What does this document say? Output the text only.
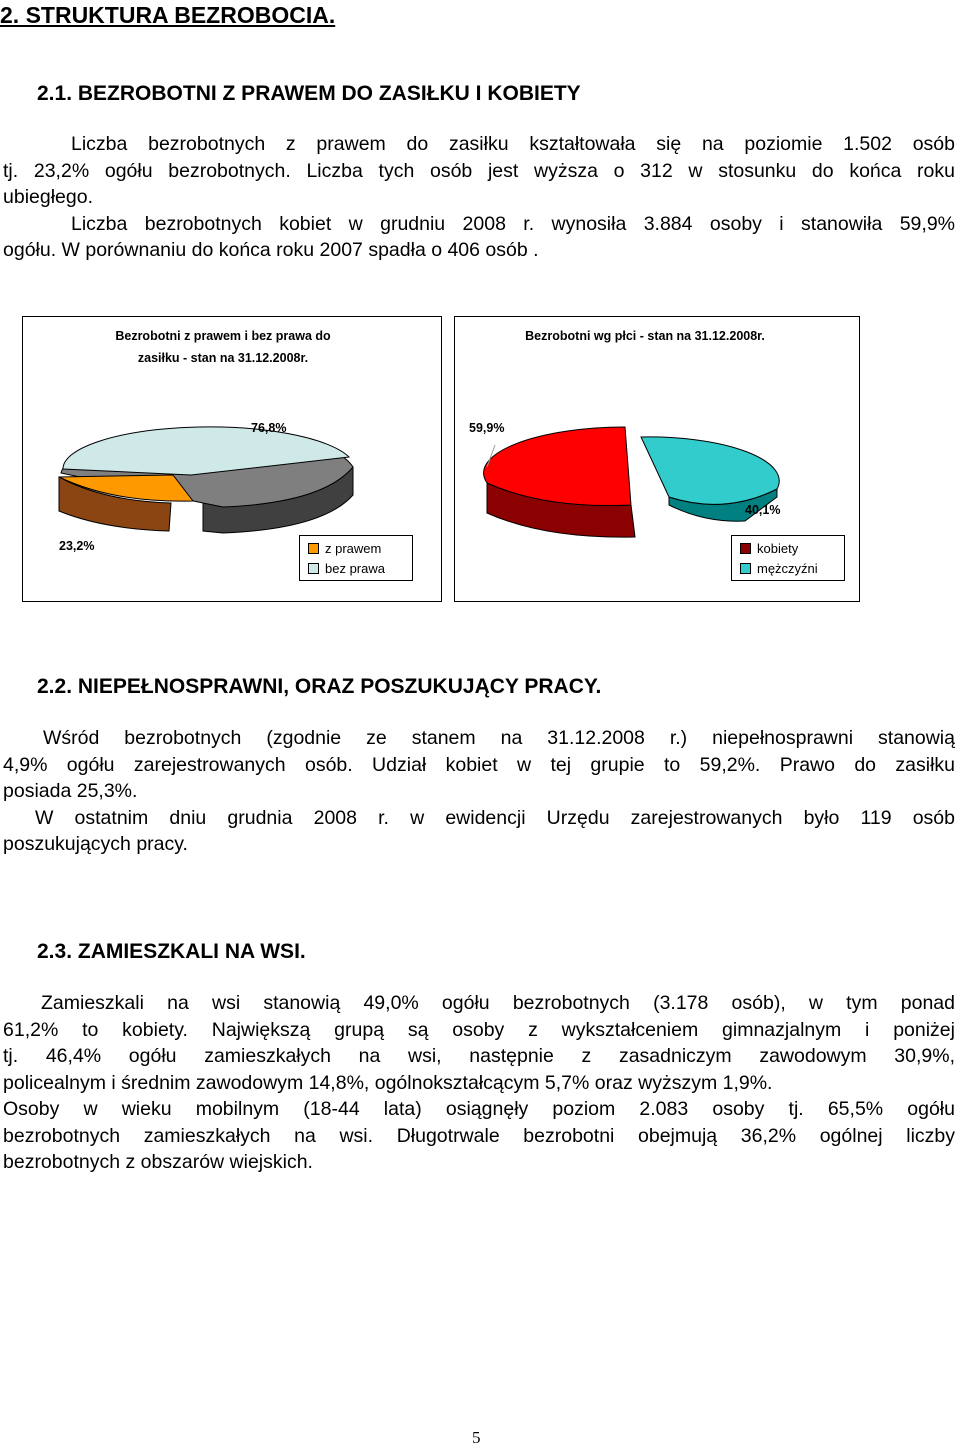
2. STRUKTURA BEZROBOCIA.
2.1. BEZROBOTNI Z PRAWEM DO ZASIŁKU I KOBIETY
Liczba bezrobotnych z prawem do zasiłku kształtowała się na poziomie 1.502 osób
tj. 23,2% ogółu bezrobotnych. Liczba tych osób jest wyższa o 312 w stosunku do końca roku
ubiegłego.
Liczba bezrobotnych kobiet w grudniu 2008 r. wynosiła 3.884 osoby i stanowiła 59,9%
ogółu. W porównaniu do końca roku 2007 spadła o 406 osób .
Bezrobotni z prawem i bez prawa do
zasiłku - stan na 31.12.2008r.
76,8%
23,2%	z prawem
bez prawa
Bezrobotni wg płci - stan na 31.12.2008r.
59,9%
40,1%
kobiety
mężczyźni
2.2. NIEPEŁNOSPRAWNI, ORAZ POSZUKUJĄCY PRACY.
Wśród bezrobotnych (zgodnie ze stanem na 31.12.2008 r.) niepełnosprawni stanowią
4,9% ogółu zarejestrowanych osób. Udział kobiet w tej grupie to 59,2%. Prawo do zasiłku
posiada 25,3%.
W ostatnim dniu grudnia 2008 r. w ewidencji Urzędu zarejestrowanych było 119 osób
poszukujących pracy.
2.3. ZAMIESZKALI NA WSI.
Zamieszkali na wsi stanowią 49,0% ogółu bezrobotnych (3.178 osób), w tym ponad
61,2% to kobiety. Największą grupą są osoby z wykształceniem gimnazjalnym i poniżej
tj. 46,4% ogółu zamieszkałych na wsi, następnie z zasadniczym zawodowym 30,9%,
policealnym i średnim zawodowym 14,8%, ogólnokształcącym 5,7% oraz wyższym 1,9%.
Osoby w wieku mobilnym (18-44 lata) osiągnęły poziom 2.083 osoby tj. 65,5% ogółu
bezrobotnych zamieszkałych na wsi. Długotrwale bezrobotni obejmują 36,2% ogólnej liczby
bezrobotnych z obszarów wiejskich.
5
